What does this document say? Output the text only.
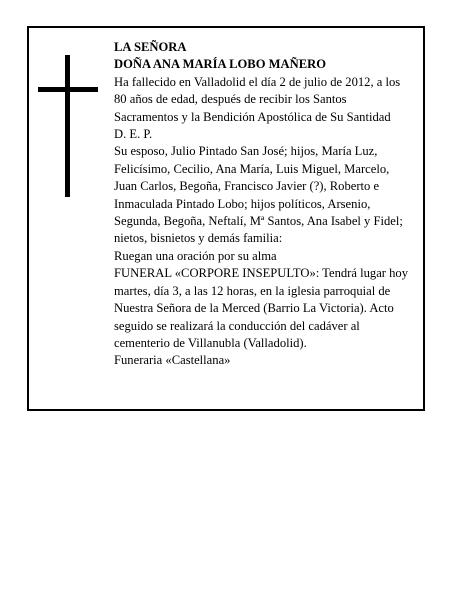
LA SEÑORA

DOÑA ANA MARÍA LOBO MAÑERO

Ha fallecido en Valladolid el día 2 de julio de 2012, a los 80 años de edad, después de recibir los Santos Sacramentos y la Bendición Apostólica de Su Santidad

D. E. P.

Su esposo, Julio Pintado San José; hijos, María Luz, Felicísimo, Cecilio, Ana María, Luis Miguel, Marcelo, Juan Carlos, Begoña, Francisco Javier (?), Roberto e Inmaculada Pintado Lobo; hijos políticos, Arsenio, Segunda, Begoña, Neftalí, Mª Santos, Ana Isabel y Fidel; nietos, bisnietos y demás familia:

Ruegan una oración por su alma

FUNERAL «CORPORE INSEPULTO»: Tendrá lugar hoy martes, día 3, a las 12 horas, en la iglesia parroquial de Nuestra Señora de la Merced (Barrio La Victoria). Acto seguido se realizará la conducción del cadáver al cementerio de Villanubla (Valladolid).

Funeraria «Castellana»
